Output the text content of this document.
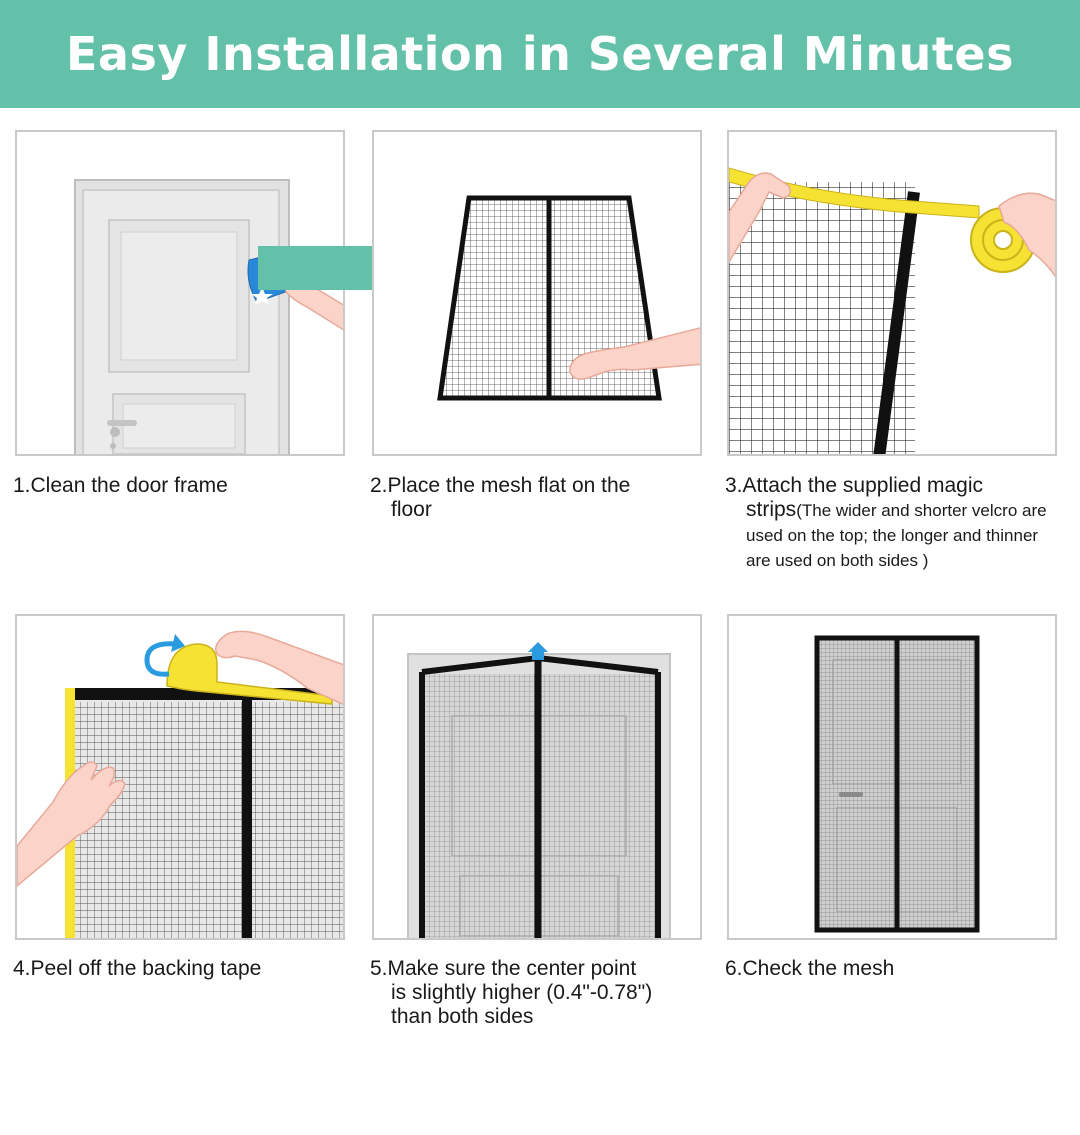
Easy Installation in Several Minutes
1.Clean the door frame	2.Place the mesh flat on the
floor
3.Attach the supplied magic
strips(The wider and shorter velcro are used on the top; the longer and thinner are used on both sides )
4.Peel off the backing tape	5.Make sure the center point
is slightly higher (0.4"-0.78")
than both sides
6.Check the mesh
